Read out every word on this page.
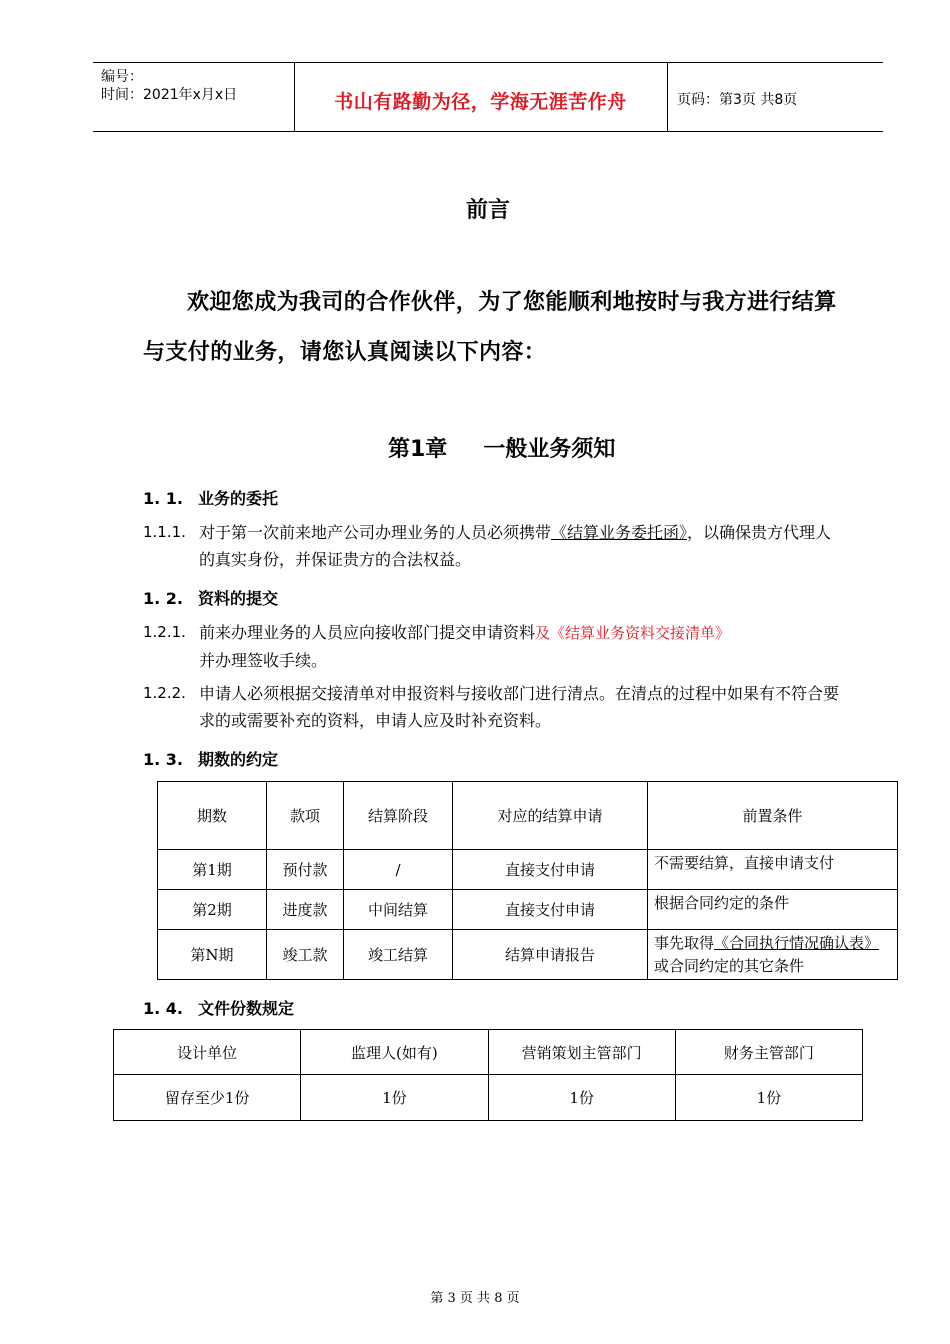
编号：
时间：2021年x月x日	书山有路勤为径，学海无涯苦作舟	页码：第3页 共8页
前言
欢迎您成为我司的合作伙伴，为了您能顺利地按时与我方进行结算与支付的业务，请您认真阅读以下内容：
第1章 一般业务须知
1. 1. 业务的委托
1.1.1. 对于第一次前来地产公司办理业务的人员必须携带《结算业务委托函》，以确保贵方代理人的真实身份，并保证贵方的合法权益。
1. 2. 资料的提交
1.2.1. 前来办理业务的人员应向接收部门提交申请资料及《结算业务资料交接清单》
并办理签收手续。
1.2.2. 申请人必须根据交接清单对申报资料与接收部门进行清点。在清点的过程中如果有不符合要求的或需要补充的资料，申请人应及时补充资料。
1. 3. 期数的约定
期数	款项	结算阶段	对应的结算申请	前置条件
第1期	预付款	/	直接支付申请	不需要结算，直接申请支付
第2期	进度款	中间结算	直接支付申请	根据合同约定的条件
第N期	竣工款	竣工结算	结算申请报告	事先取得《合同执行情况确认表》或合同约定的其它条件
1. 4. 文件份数规定
设计单位	监理人(如有)	营销策划主管部门	财务主管部门
留存至少1份	1份	1份	1份
第 3 页 共 8 页
